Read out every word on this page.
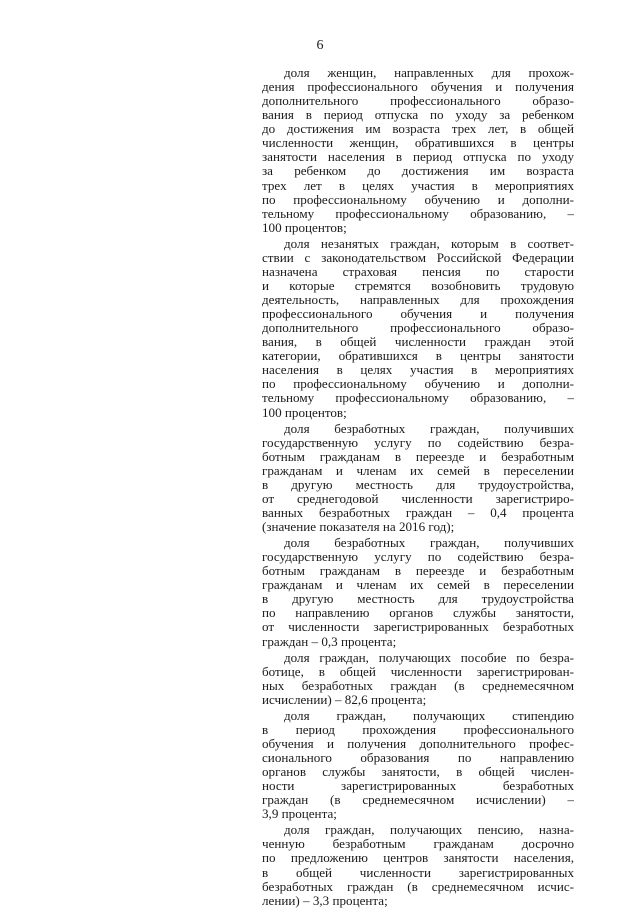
6
доля женщин, направленных для прохож-
дения профессионального обучения и получения
дополнительного профессионального образо-
вания в период отпуска по уходу за ребенком
до достижения им возраста трех лет, в общей
численности женщин, обратившихся в центры
занятости населения в период отпуска по уходу
за ребенком до достижения им возраста
трех лет в целях участия в мероприятиях
по профессиональному обучению и дополни-
тельному профессиональному образованию, –
100 процентов;
доля незанятых граждан, которым в соответ-
ствии с законодательством Российской Федерации
назначена страховая пенсия по старости
и которые стремятся возобновить трудовую
деятельность, направленных для прохождения
профессионального обучения и получения
дополнительного профессионального образо-
вания, в общей численности граждан этой
категории, обратившихся в центры занятости
населения в целях участия в мероприятиях
по профессиональному обучению и дополни-
тельному профессиональному образованию, –
100 процентов;
доля безработных граждан, получивших
государственную услугу по содействию безра-
ботным гражданам в переезде и безработным
гражданам и членам их семей в переселении
в другую местность для трудоустройства,
от среднегодовой численности зарегистриро-
ванных безработных граждан – 0,4 процента
(значение показателя на 2016 год);
доля безработных граждан, получивших
государственную услугу по содействию безра-
ботным гражданам в переезде и безработным
гражданам и членам их семей в переселении
в другую местность для трудоустройства
по направлению органов службы занятости,
от численности зарегистрированных безработных
граждан – 0,3 процента;
доля граждан, получающих пособие по безра-
ботице, в общей численности зарегистрирован-
ных безработных граждан (в среднемесячном
исчислении) – 82,6 процента;
доля граждан, получающих стипендию
в период прохождения профессионального
обучения и получения дополнительного профес-
сионального образования по направлению
органов службы занятости, в общей числен-
ности зарегистрированных безработных
граждан (в среднемесячном исчислении) –
3,9 процента;
доля граждан, получающих пенсию, назна-
ченную безработным гражданам досрочно
по предложению центров занятости населения,
в общей численности зарегистрированных
безработных граждан (в среднемесячном исчис-
лении) – 3,3 процента;
